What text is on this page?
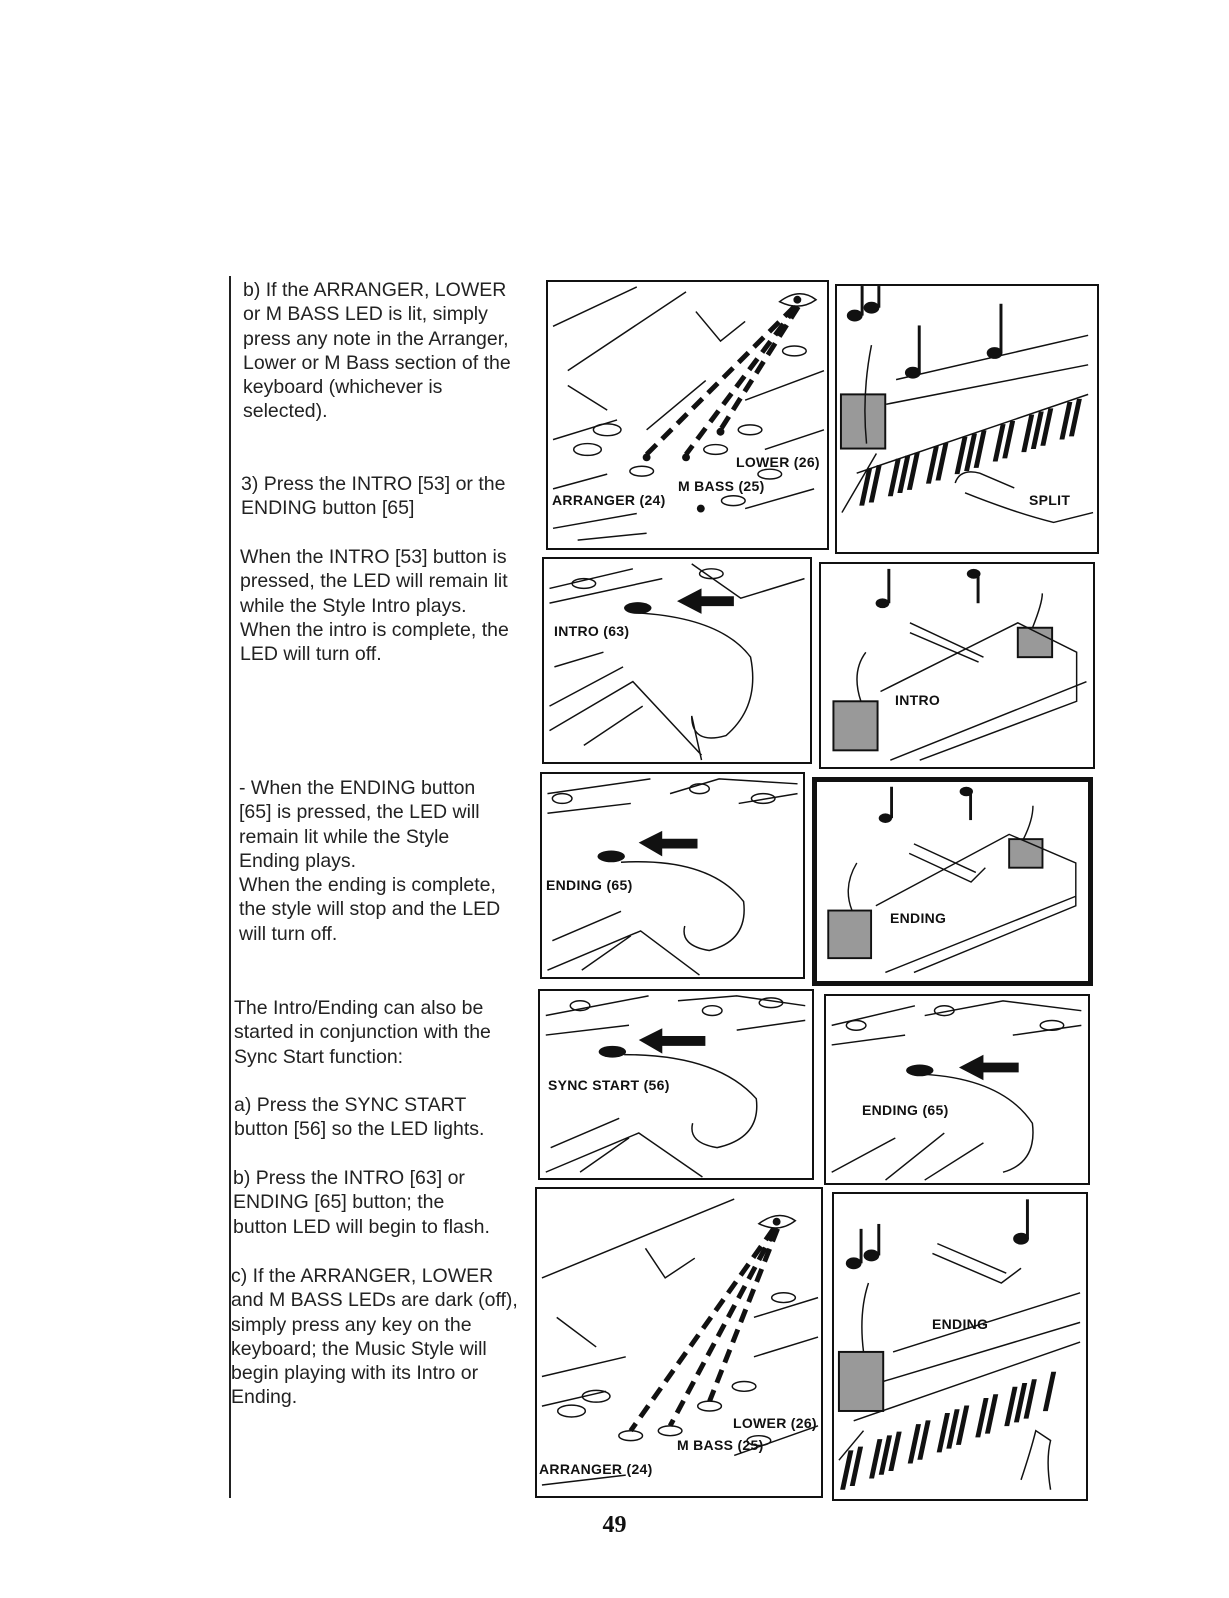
b) If the ARRANGER, LOWER
or M BASS LED is lit, simply
press any note in the Arranger,
Lower or M Bass section of the
keyboard (whichever is
selected).
3) Press the INTRO [53] or the
ENDING button [65]
When the INTRO [53] button is
pressed, the LED will remain lit
while the Style Intro plays.
When the intro is complete, the
LED will turn off.
- When the ENDING button
[65] is pressed, the LED will
remain lit while the Style
Ending plays.
When the ending is complete,
the style will stop and the LED
will turn off.
The Intro/Ending can also be
started in conjunction with the
Sync Start function:
a) Press the SYNC START
button [56] so the LED lights.
b) Press the INTRO [63] or
ENDING [65] button; the
button LED will begin to flash.
c) If the ARRANGER, LOWER
and M BASS LEDs are dark (off),
simply press any key on the
keyboard; the Music Style will
begin playing with its Intro or
Ending.
LOWER (26)
M BASS (25)
ARRANGER (24)	SPLIT
INTRO (63)
INTRO
ENDING (65)
ENDING
SYNC START (56)
ENDING (65)
LOWER (26)
M BASS (25)
ARRANGER (24)
ENDING
49
